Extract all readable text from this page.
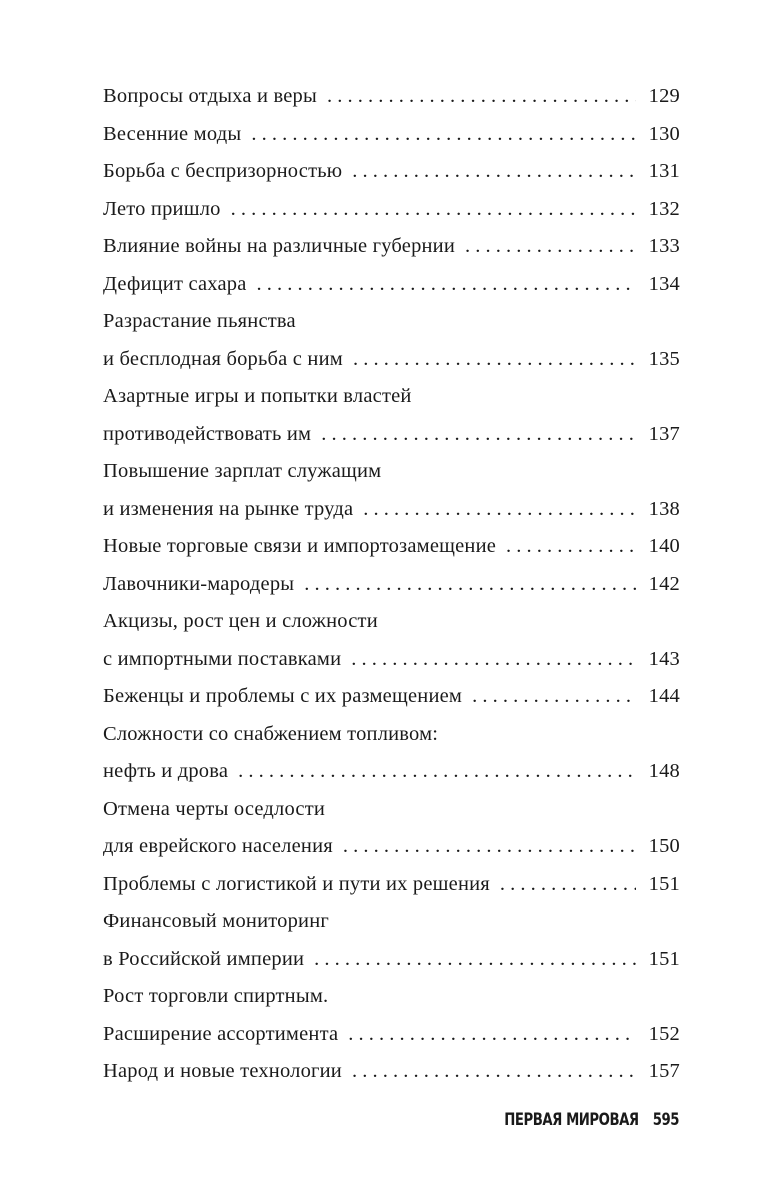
Вопросы отдыха и веры . . .	129
Весенние моды . . .	130
Борьба с беспризорностью . . .	131
Лето пришло . . .	132
Влияние войны на различные губернии . . .	133
Дефицит сахара . . .	134
Разрастание пьянства
и бесплодная борьба с ним . . .	135
Азартные игры и попытки властей
противодействовать им . . .	137
Повышение зарплат служащим
и изменения на рынке труда . . .	138
Новые торговые связи и импортозамещение . . .	140
Лавочники-мародеры . . .	142
Акцизы, рост цен и сложности
с импортными поставками . . .	143
Беженцы и проблемы с их размещением . . .	144
Сложности со снабжением топливом:
нефть и дрова . . .	148
Отмена черты оседлости
для еврейского населения . . .	150
Проблемы с логистикой и пути их решения . . .	151
Финансовый мониторинг
в Российской империи . . .	151
Рост торговли спиртным.
Расширение ассортимента . . .	152
Народ и новые технологии . . .	157
ПЕРВАЯ МИРОВАЯ 595
